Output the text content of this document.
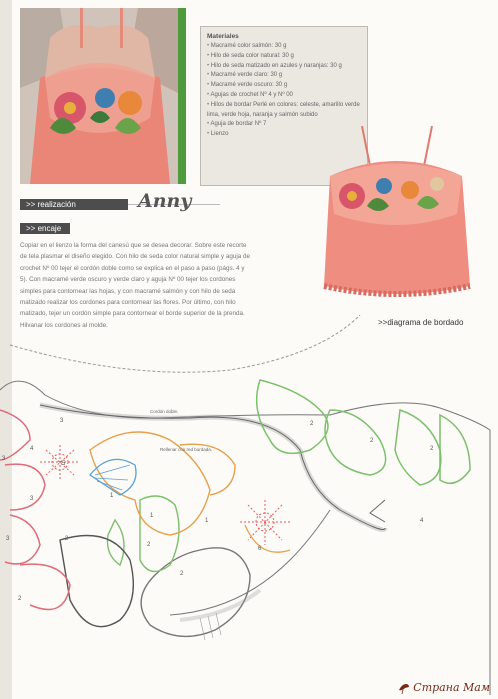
Materiales
• Macramé color salmón: 30 g
• Hilo de seda color natural: 30 g
• Hilo de seda matizado en azules y naranjas: 30 g
• Macramé verde claro: 30 g
• Macramé verde oscuro: 30 g
• Agujas de crochet Nº 4 y Nº 00
• Hilos de bordar Perlé en colores: celeste, amarillo verde lima, verde hoja, naranja y salmón subido
• Aguja de bordar Nº 7
• Lienzo
>> realización	Anny
>> encaje
Copiar en el lienzo la forma del canesú que se desea decorar. Sobre este recorte de tela plasmar el diseño elegido. Con hilo de seda color natural simple y aguja de crochet Nº 00 tejer el cordón doble como se explica en el paso a paso (págs. 4 y 5). Con macramé verde oscuro y verde claro y aguja Nº 00 tejer los cordones simples para contornear las hojas, y con macramé salmón y con hilo de seda matizado realizar los cordones para contornear las flores. Por último, con hilo matizado, tejer un cordón simple para contornear el borde superior de la prenda. Hilvanar los cordones al molde.	>>diagrama de bordado
3
5
4
3
2
1
1
1
2
2
6
3
2
2
2
2
4
3
Cordón doble.
Rellenar con red bordada.
Страна Мам
